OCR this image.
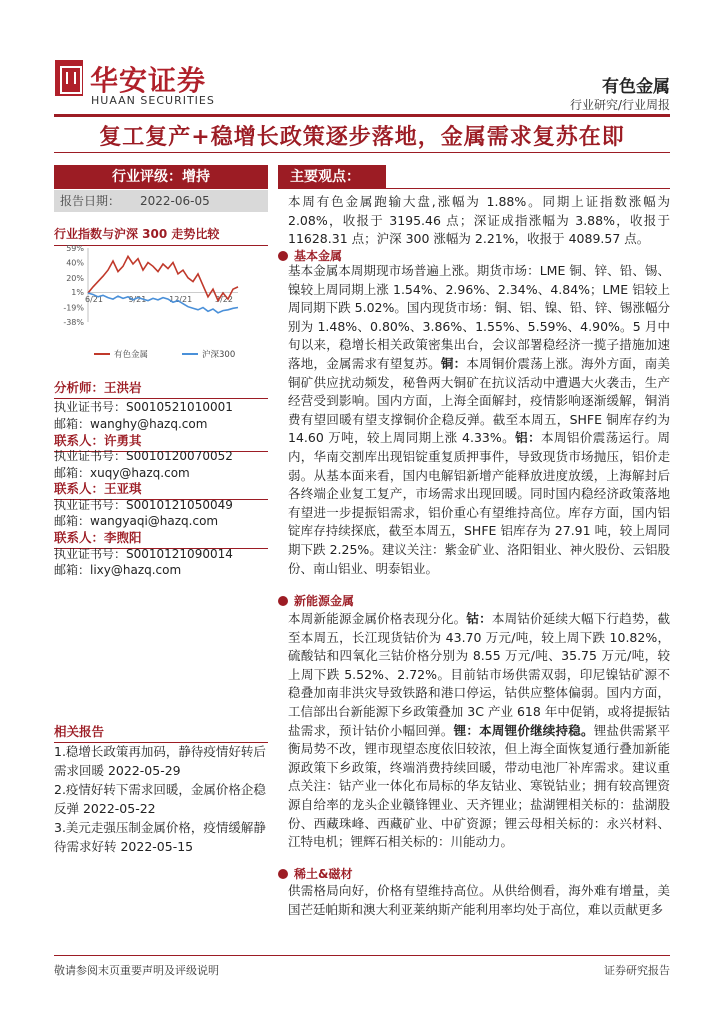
华安证券
HUAAN SECURITIES
有色金属
行业研究/行业周报
复工复产+稳增长政策逐步落地，金属需求复苏在即
行业评级：增持
报告日期： 2022-06-05
行业指数与沪深 300 走势比较
59%
40%
20%
1%
-19%
-38%
6/21	9/21	12/21	3/22
有色金属	沪深300
分析师：王洪岩
执业证书号：S0010521010001
邮箱：wanghy@hazq.com
联系人：许勇其
执业证书号：S0010120070052
邮箱：xuqy@hazq.com
联系人：王亚琪
执业证书号：S0010121050049
邮箱：wangyaqi@hazq.com
联系人：李煦阳
执业证书号：S0010121090014
邮箱：lixy@hazq.com
相关报告
1.稳增长政策再加码，静待疫情好转后需求回暖 2022-05-29
2.疫情好转下需求回暖，金属价格企稳反弹 2022-05-22
3.美元走强压制金属价格，疫情缓解静待需求好转 2022-05-15
主要观点：
本周有色金属跑输大盘,涨幅为 1.88%。同期上证指数涨幅为 2.08%，收报于 3195.46 点；深证成指涨幅为 3.88%，收报于 11628.31 点；沪深 300 涨幅为 2.21%，收报于 4089.57 点。
基本金属
基本金属本周期现市场普遍上涨。期货市场：LME 铜、锌、铅、锡、镍较上周同期上涨 1.54%、2.96%、2.34%、4.84%；LME 铝较上周同期下跌 5.02%。国内现货市场：铜、铝、镍、铅、锌、锡涨幅分别为 1.48%、0.80%、3.86%、1.55%、5.59%、4.90%。5 月中旬以来，稳增长相关政策密集出台，会议部署稳经济一揽子措施加速落地，金属需求有望复苏。铜：本周铜价震荡上涨。海外方面，南美铜矿供应扰动频发，秘鲁两大铜矿在抗议活动中遭遇大火袭击，生产经营受到影响。国内方面，上海全面解封，疫情影响逐渐缓解，铜消费有望回暖有望支撑铜价企稳反弹。截至本周五，SHFE 铜库存约为 14.60 万吨，较上周同期上涨 4.33%。铝：本周铝价震荡运行。周内，华南交割库出现铝锭重复质押事件，导致现货市场抛压，铝价走弱。从基本面来看，国内电解铝新增产能释放进度放缓，上海解封后各终端企业复工复产，市场需求出现回暖。同时国内稳经济政策落地有望进一步提振铝需求，铝价重心有望维持高位。库存方面，国内铝锭库存持续探底，截至本周五，SHFE 铝库存为 27.91 吨，较上周同期下跌 2.25%。建议关注：紫金矿业、洛阳钼业、神火股份、云铝股份、南山铝业、明泰铝业。
新能源金属
本周新能源金属价格表现分化。钴：本周钴价延续大幅下行趋势，截至本周五，长江现货钴价为 43.70 万元/吨，较上周下跌 10.82%，硫酸钴和四氧化三钴价格分别为 8.55 万元/吨、35.75 万元/吨，较上周下跌 5.52%、2.72%。目前钴市场供需双弱，印尼镍钴矿源不稳叠加南非洪灾导致铁路和港口停运，钴供应整体偏弱。国内方面，工信部出台新能源下乡政策叠加 3C 产业 618 年中促销，或将提振钴盐需求，预计钴价小幅回弹。锂：本周锂价继续持稳。锂盐供需紧平衡局势不改，锂市现望态度依旧较浓，但上海全面恢复通行叠加新能源政策下乡政策，终端消费持续回暖，带动电池厂补库需求。建议重点关注：钴产业一体化布局标的华友钴业、寒锐钴业；拥有较高锂资源自给率的龙头企业赣锋锂业、天齐锂业；盐湖锂相关标的：盐湖股份、西藏珠峰、西藏矿业、中矿资源；锂云母相关标的：永兴材料、江特电机；锂辉石相关标的：川能动力。
稀土&磁材
供需格局向好，价格有望维持高位。从供给侧看，海外难有增量，美国芒廷帕斯和澳大利亚莱纳斯产能利用率均处于高位，难以贡献更多
敬请参阅末页重要声明及评级说明	证券研究报告
